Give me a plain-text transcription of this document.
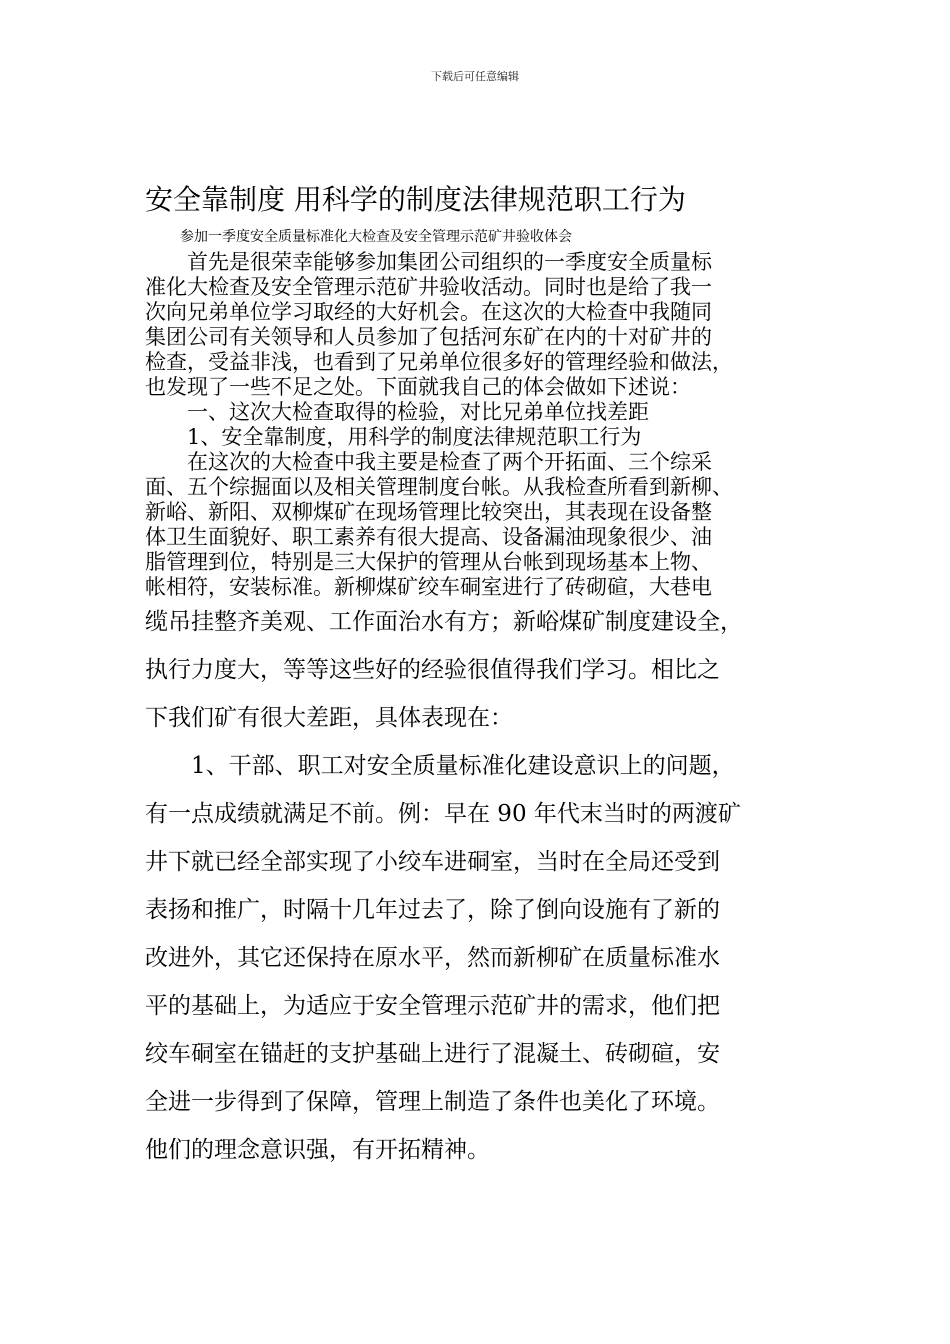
下载后可任意编辑
安全靠制度 用科学的制度法律规范职工行为
参加一季度安全质量标准化大检查及安全管理示范矿井验收体会
　　首先是很荣幸能够参加集团公司组织的一季度安全质量标
准化大检查及安全管理示范矿井验收活动。同时也是给了我一
次向兄弟单位学习取经的大好机会。在这次的大检查中我随同
集团公司有关领导和人员参加了包括河东矿在内的十对矿井的
检查，受益非浅，也看到了兄弟单位很多好的管理经验和做法，
也发现了一些不足之处。下面就我自己的体会做如下述说：
　　一、这次大检查取得的检验，对比兄弟单位找差距
　　1、安全靠制度，用科学的制度法律规范职工行为
　　在这次的大检查中我主要是检查了两个开拓面、三个综采
面、五个综掘面以及相关管理制度台帐。从我检查所看到新柳、
新峪、新阳、双柳煤矿在现场管理比较突出，其表现在设备整
体卫生面貌好、职工素养有很大提高、设备漏油现象很少、油
脂管理到位，特别是三大保护的管理从台帐到现场基本上物、
帐相符，安装标准。新柳煤矿绞车硐室进行了砖砌碹，大巷电
缆吊挂整齐美观、工作面治水有方；新峪煤矿制度建设全，
执行力度大，等等这些好的经验很值得我们学习。相比之
下我们矿有很大差距，具体表现在：
　　1、干部、职工对安全质量标准化建设意识上的问题，
有一点成绩就满足不前。例：早在 90 年代末当时的两渡矿
井下就已经全部实现了小绞车进硐室，当时在全局还受到
表扬和推广，时隔十几年过去了，除了倒向设施有了新的
改进外，其它还保持在原水平，然而新柳矿在质量标准水
平的基础上，为适应于安全管理示范矿井的需求，他们把
绞车硐室在锚赶的支护基础上进行了混凝土、砖砌碹，安
全进一步得到了保障，管理上制造了条件也美化了环境。
他们的理念意识强，有开拓精神。
